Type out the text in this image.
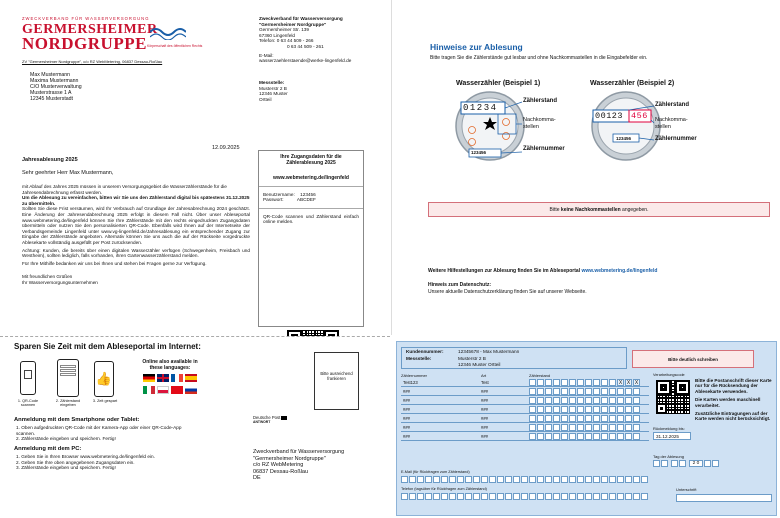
ZWECKVERBAND FÜR WASSERVERSORGUNG
GERMERSHEIMER
NORDGRUPPE Körperschaft des öffentlichen Rechts
ZV "Germersheimer Nordgruppe", c/o RZ WebMetering, 06837 Dessau-Roßlau
Zweckverband für Wasserversorgung
"Germersheimer Nordgruppe"
Germersheimer Str. 139
67360 Lingenfeld
Telefon: 0 63 44 509 - 266
0 63 44 509 - 261
E-Mail:
wasserzaehlerstaende@werke-lingenfeld.de
Max Mustermann
Maxima Mustermann
C/O Musterverwaltung
Musterstrasse 1 A
12345 Musterstadt
Messstelle:
Musterstr 2 B
12346 Muster
Ortteil
12.09.2025
Jahresablesung 2025
Sehr geehrter Herr Max Mustermann,
mit Ablauf des Jahres 2025 müssen in unserem Versorgungsgebiet die Wasserzählerstände für die Jahresendabrechnung erfasst werden.
Um die Ablesung zu vereinfachen, bitten wir Sie uns den Zählerstand digital bis spätestens 31.12.2025 zu übermitteln.
Sollten Sie diese Frist versäumen, wird Ihr Verbrauch auf Grundlage der Jahresabrechnung 2024 geschätzt. Eine Änderung der Jahresendabrechnung 2025 erfolgt in diesem Fall nicht. Über unser Ableseportal www.webmetering.de/lingenfeld können Sie Ihre Zählerstände mit den rechts eingedruckten Zugangsdaten übermitteln oder nutzen Sie den personalisierten QR-Code. Ebenfalls wird Ihnen auf der Internetseite der Verbandsgemeinde Lingenfeld unter www.vg-lingenfeld.de/Jahresablesung ein entsprechender Zugang zur Eingabe der Zählerstände angeboten. Alternativ können Sie uns auch die auf der Rückseite vorgedruckte Ablesekarte vollständig ausgefüllt per Post zurücksenden.
Achtung: Kunden, die bereits über einen digitalen Wasserzähler verfügen (Schwegenheim, Freisbach und Westheim), sollten lediglich, falls vorhanden, ihren Gartenwasserzählerstand melden.
Für Ihre Mithilfe bedanken wir uns bei Ihnen und stehen bei Fragen gerne zur Verfügung.
Mit freundlichen Grüßen
Ihr Wasserversorgungsunternehmen
Ihre Zugangsdaten für die
Zählerablesung 2025
www.webmetering.de/lingenfeld
Benutzername: 123456
Passwort:	ABCDEF
QR-Code scannen und Zählerstand einfach online melden.
Sparen Sie Zeit mit dem Ableseportal im Internet:
1. QR-Code scannen
2. Zählerstand eingeben
👍
3. Zeit gespart
Online also available in these languages:
Anmeldung mit dem Smartphone oder Tablet:
1. Oben aufgedruckten QR-Code mit der Kamera-App oder einer QR-Code-App scannen.
2. Zählerstände eingeben und speichern. Fertig!
Anmeldung mit dem PC:
1. Geben Sie in Ihren Browser www.webmetering.de/lingenfeld ein.
2. Geben Sie Ihre oben angegebenen Zugangsdaten ein.
3. Zählerstände eingeben und speichern. Fertig!
Bitte ausreichend frankieren
Deutsche Post
ANTWORT
Zweckverband für Wasserversorgung
"Germersheimer Nordgruppe"
c/o RZ WebMetering
06837 Dessau-Roßlau
DE
Hinweise zur Ablesung
Bitte tragen Sie die Zählerstände gut lesbar und ohne Nachkommastellen in die Eingabefelder ein.
Wasserzähler (Beispiel 1)
01234
123456
Zählerstand
Nachkomma-stellen
Zählernummer
Wasserzähler (Beispiel 2)
00123 456
123456
Zählerstand
Nachkomma-stellen
Zählernummer
Bitte keine Nachkommastellen angegeben.
Weitere Hilfestellungen zur Ablesung finden Sie im Ableseportal www.webmetering.de/lingenfeld
Hinweis zum Datenschutz:
Unsere aktuelle Datenschutzerklärung finden Sie auf unserer Webseite.
Kundennummer:	12345678 - Max Mustermann
Messstelle:	Musterstr 2 B
12346 Muster Ortteil
Bitte deutlich schreiben
Zählernummer	Art	Zählerstand
Test123	Test	X X X
###	###
###	###
###	###
###	###
###	###
###	###
Verarbeitungscode
Bitte die Postanschrift dieser Karte nur für die Rücksendung der Ablesekarte verwenden.
Die Karten werden maschinell verarbeitet.
Zusätzliche Eintragungen auf der Karte werden nicht berücksichtigt.
Rückmeldung bis:
31.12.2025
Tag der Ablesung
2 0
E-Mail (für Rückfragen zum Zählerstand)
Telefon (tagsüber für Rückfragen zum Zählerstand)	Unterschrift
